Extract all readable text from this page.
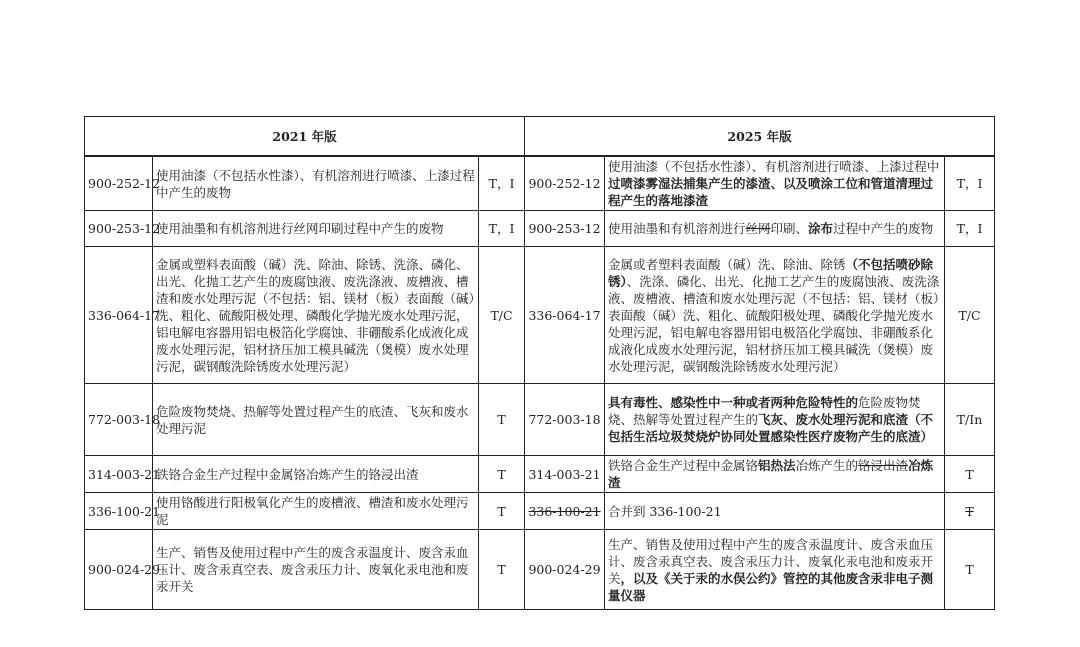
2021 年版			2025 年版		
900-252-12	使用油漆（不包括水性漆）、有机溶剂进行喷漆、上漆过程中产生的废物	T，I	900-252-12	使用油漆（不包括水性漆）、有机溶剂进行喷漆、上漆过程中过喷漆雾湿法捕集产生的漆渣、以及喷涂工位和管道清理过程产生的落地漆渣	T，I
900-253-12	使用油墨和有机溶剂进行丝网印刷过程中产生的废物	T，I	900-253-12	使用油墨和有机溶剂进行丝网印刷、涂布过程中产生的废物	T，I
336-064-17	金属或塑料表面酸（碱）洗、除油、除锈、洗涤、磷化、出光、化抛工艺产生的废腐蚀液、废洗涤液、废槽液、槽渣和废水处理污泥（不包括：铝、镁材（板）表面酸（碱）洗、粗化、硫酸阳极处理、磷酸化学抛光废水处理污泥，铝电解电容器用铝电极箔化学腐蚀、非硼酸系化成液化成废水处理污泥，铝材挤压加工模具碱洗（煲模）废水处理污泥，碳钢酸洗除锈废水处理污泥）	T/C	336-064-17	金属或者塑料表面酸（碱）洗、除油、除锈（不包括喷砂除锈）、洗涤、磷化、出光、化抛工艺产生的废腐蚀液、废洗涤液、废槽液、槽渣和废水处理污泥（不包括：铝、镁材（板）表面酸（碱）洗、粗化、硫酸阳极处理、磷酸化学抛光废水处理污泥，铝电解电容器用铝电极箔化学腐蚀、非硼酸系化成液化成废水处理污泥，铝材挤压加工模具碱洗（煲模）废水处理污泥，碳钢酸洗除锈废水处理污泥）	T/C
772-003-18	危险废物焚烧、热解等处置过程产生的底渣、飞灰和废水处理污泥	T	772-003-18	具有毒性、感染性中一种或者两种危险特性的危险废物焚烧、热解等处置过程产生的飞灰、废水处理污泥和底渣（不包括生活垃圾焚烧炉协同处置感染性医疗废物产生的底渣）	T/In
314-003-21	铁铬合金生产过程中金属铬冶炼产生的铬浸出渣	T	314-003-21	铁铬合金生产过程中金属铬铝热法冶炼产生的铬浸出渣冶炼渣	T
336-100-21	使用铬酸进行阳极氧化产生的废槽液、槽渣和废水处理污泥	T	336-100-21	合并到 336-100-21	T
900-024-29	生产、销售及使用过程中产生的废含汞温度计、废含汞血压计、废含汞真空表、废含汞压力计、废氧化汞电池和废汞开关	T	900-024-29	生产、销售及使用过程中产生的废含汞温度计、废含汞血压计、废含汞真空表、废含汞压力计、废氧化汞电池和废汞开关，以及《关于汞的水俣公约》管控的其他废含汞非电子测量仪器	T
